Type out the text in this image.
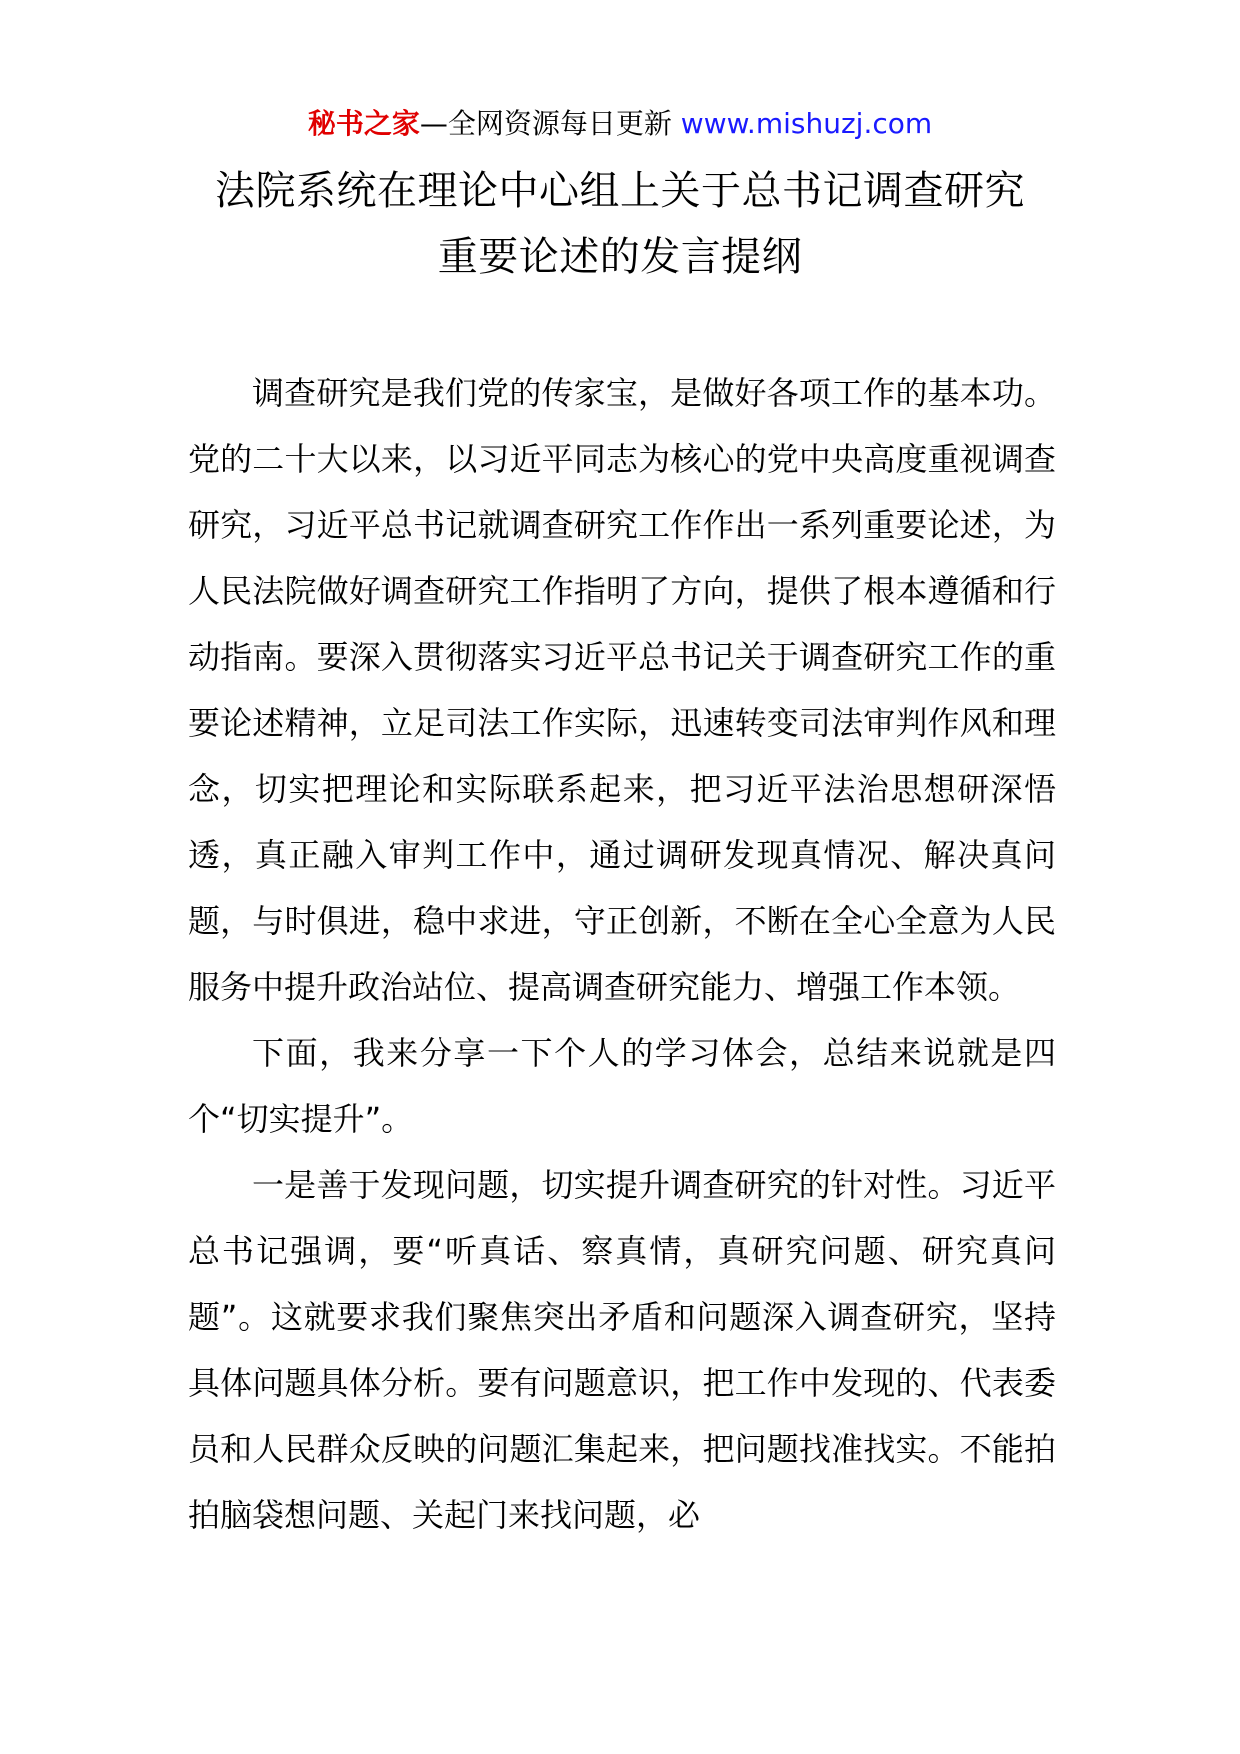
秘书之家—全网资源每日更新 www.mishuzj.com
法院系统在理论中心组上关于总书记调查研究
重要论述的发言提纲

调查研究是我们党的传家宝，是做好各项工作的基本功。党的二十大以来，以习近平同志为核心的党中央高度重视调查研究，习近平总书记就调查研究工作作出一系列重要论述，为人民法院做好调查研究工作指明了方向，提供了根本遵循和行动指南。要深入贯彻落实习近平总书记关于调查研究工作的重要论述精神，立足司法工作实际，迅速转变司法审判作风和理念，切实把理论和实际联系起来，把习近平法治思想研深悟透，真正融入审判工作中，通过调研发现真情况、解决真问题，与时俱进，稳中求进，守正创新，不断在全心全意为人民服务中提升政治站位、提高调查研究能力、增强工作本领。

下面，我来分享一下个人的学习体会，总结来说就是四个“切实提升”。

一是善于发现问题，切实提升调查研究的针对性。习近平总书记强调，要“听真话、察真情，真研究问题、研究真问题”。这就要求我们聚焦突出矛盾和问题深入调查研究，坚持具体问题具体分析。要有问题意识，把工作中发现的、代表委员和人民群众反映的问题汇集起来，把问题找准找实。不能拍拍脑袋想问题、关起门来找问题，必
